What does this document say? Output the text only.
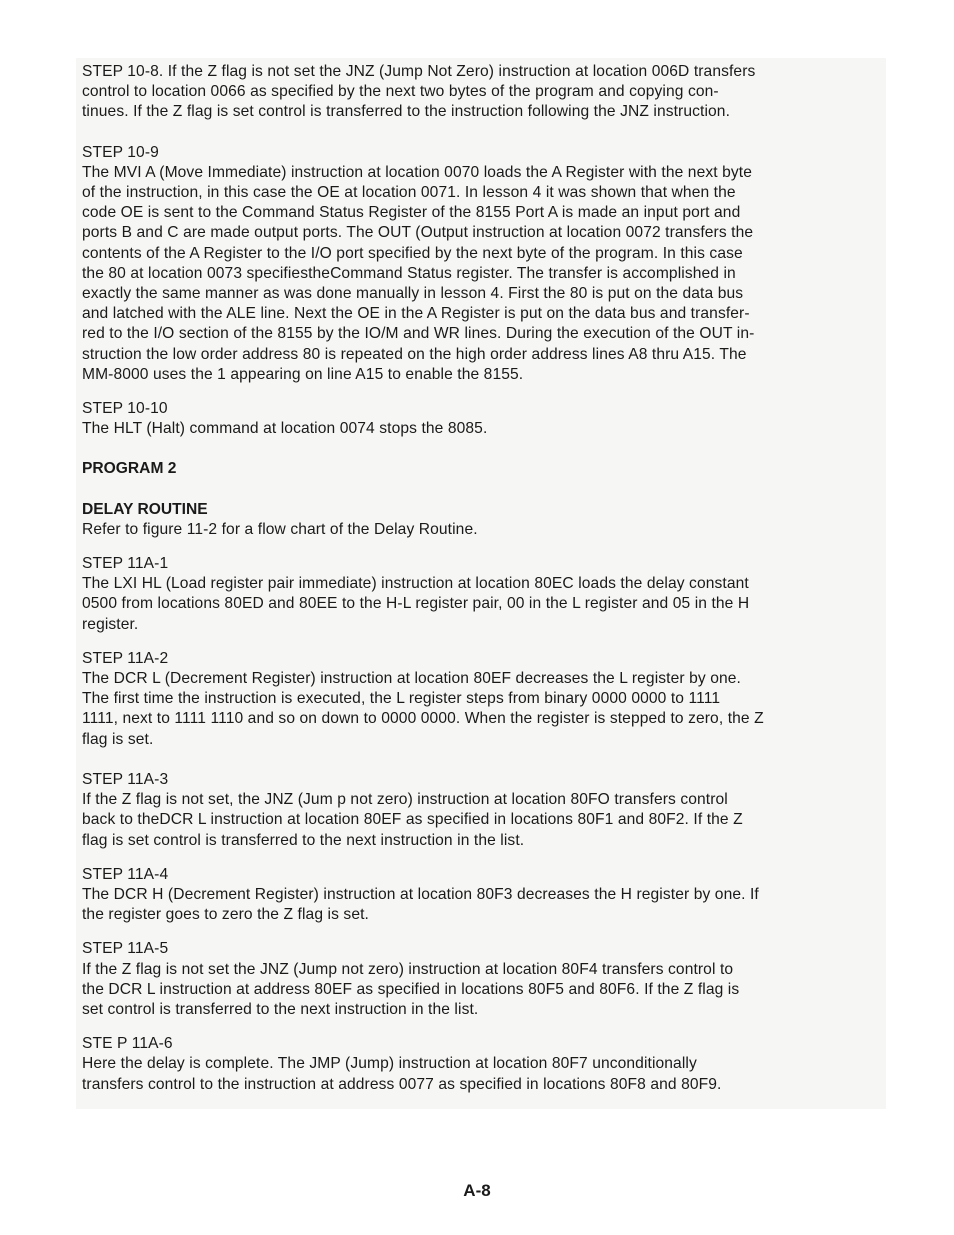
STEP 10-8. If the Z flag is not set the JNZ (Jump Not Zero) instruction at location 006D transfers
control to location 0066 as specified by the next two bytes of the program and copying con-
tinues. If the Z flag is set control is transferred to the instruction following the JNZ instruction.
STEP 10-9
The MVI A (Move Immediate) instruction at location 0070 loads the A Register with the next byte
of the instruction, in this case the OE at location 0071. In lesson 4 it was shown that when the
code OE is sent to the Command Status Register of the 8155 Port A is made an input port and
ports B and C are made output ports. The OUT (Output instruction at location 0072 transfers the
contents of the A Register to the I/O port specified by the next byte of the program. In this case
the 80 at location 0073 specifiestheCommand Status register. The transfer is accomplished in
exactly the same manner as was done manually in lesson 4. First the 80 is put on the data bus
and latched with the ALE line. Next the OE in the A Register is put on the data bus and transfer-
red to the I/O section of the 8155 by the IO/M and WR lines. During the execution of the OUT in-
struction the low order address 80 is repeated on the high order address lines A8 thru A15. The
MM-8000 uses the 1 appearing on line A15 to enable the 8155.
STEP 10-10
The HLT (Halt) command at location 0074 stops the 8085.
PROGRAM 2
DELAY ROUTINE
Refer to figure 11-2 for a flow chart of the Delay Routine.
STEP 11A-1
The LXI HL (Load register pair immediate) instruction at location 80EC loads the delay constant
0500 from locations 80ED and 80EE to the H-L register pair, 00 in the L register and 05 in the H
register.
STEP 11A-2
The DCR L (Decrement Register) instruction at location 80EF decreases the L register by one.
The first time the instruction is executed, the L register steps from binary 0000 0000 to 1111
1111, next to 1111 1110 and so on down to 0000 0000. When the register is stepped to zero, the Z
flag is set.
STEP 11A-3
If the Z flag is not set, the JNZ (Jum p not zero) instruction at location 80FO transfers control
back to theDCR L instruction at location 80EF as specified in locations 80F1 and 80F2. If the Z
flag is set control is transferred to the next instruction in the list.
STEP 11A-4
The DCR H (Decrement Register) instruction at location 80F3 decreases the H register by one. If
the register goes to zero the Z flag is set.
STEP 11A-5
If the Z flag is not set the JNZ (Jump not zero) instruction at location 80F4 transfers control to
the DCR L instruction at address 80EF as specified in locations 80F5 and 80F6. If the Z flag is
set control is transferred to the next instruction in the list.
STE P 11A-6
Here the delay is complete. The JMP (Jump) instruction at location 80F7 unconditionally
transfers control to the instruction at address 0077 as specified in locations 80F8 and 80F9.
A-8
